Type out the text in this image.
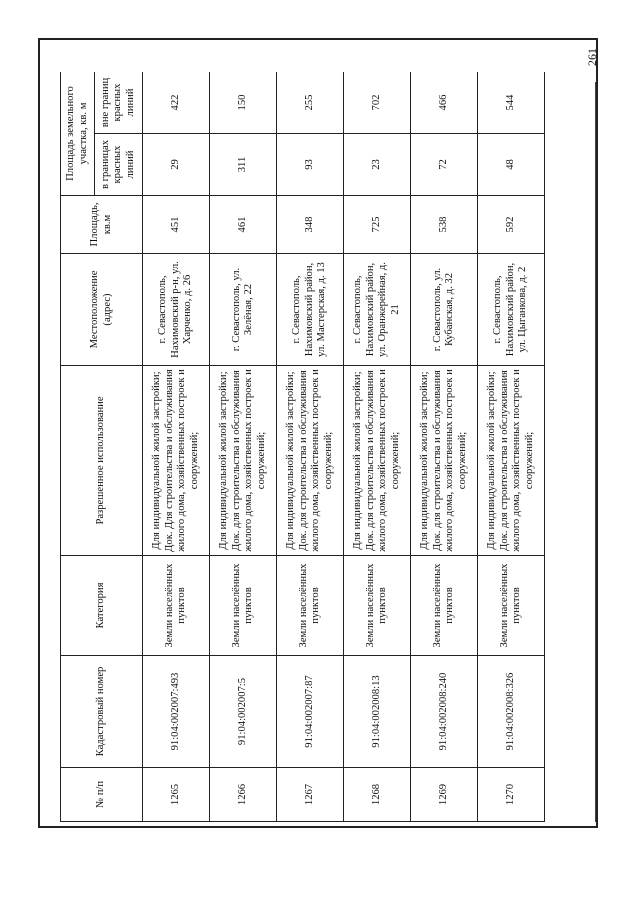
261
№ п/п	Кадастровый номер	Категория	Разрешенное использование	Местоположение (адрес)	Площадь, кв.м	Площадь земельного участка, кв. м	
						в границах красных линий	вне границ красных линий
1265	91:04:002007:493	Земли населённых пунктов	Для индивидуальной жилой застройки; Док. Для строительства и обслуживания жилого дома, хозяйственных построек и сооружений;	г. Севастополь, Нахимовский р-н, ул. Харченко, д. 26	451	29	422
1266	91:04:002007:5	Земли населённых пунктов	Для индивидуальной жилой застройки; Док. для строительства и обслуживания жилого дома, хозяйственных построек и сооружений;	г. Севастополь, ул. Зелёная, 22	461	311	150
1267	91:04:002007:87	Земли населённых пунктов	Для индивидуальной жилой застройки; Док. для строительства и обслуживания жилого дома, хозяйственных построек и сооружений;	г. Севастополь, Нахимовский район, ул. Мастерская, д. 13	348	93	255
1268	91:04:002008:13	Земли населённых пунктов	Для индивидуальной жилой застройки; Док. для строительства и обслуживания жилого дома, хозяйственных построек и сооружений;	г. Севастополь, Нахимовский район, ул. Оранжерейная, д. 21	725	23	702
1269	91:04:002008:240	Земли населённых пунктов	Для индивидуальной жилой застройки; Док. для строительства и обслуживания жилого дома, хозяйственных построек и сооружений;	г. Севастополь, ул. Кубанская, д. 32	538	72	466
1270	91:04:002008:326	Земли населённых пунктов	Для индивидуальной жилой застройки; Док. для строительства и обслуживания жилого дома, хозяйственных построек и сооружений;	г. Севастополь, Нахимовский район, ул. Цыганкова, д. 2	592	48	544
